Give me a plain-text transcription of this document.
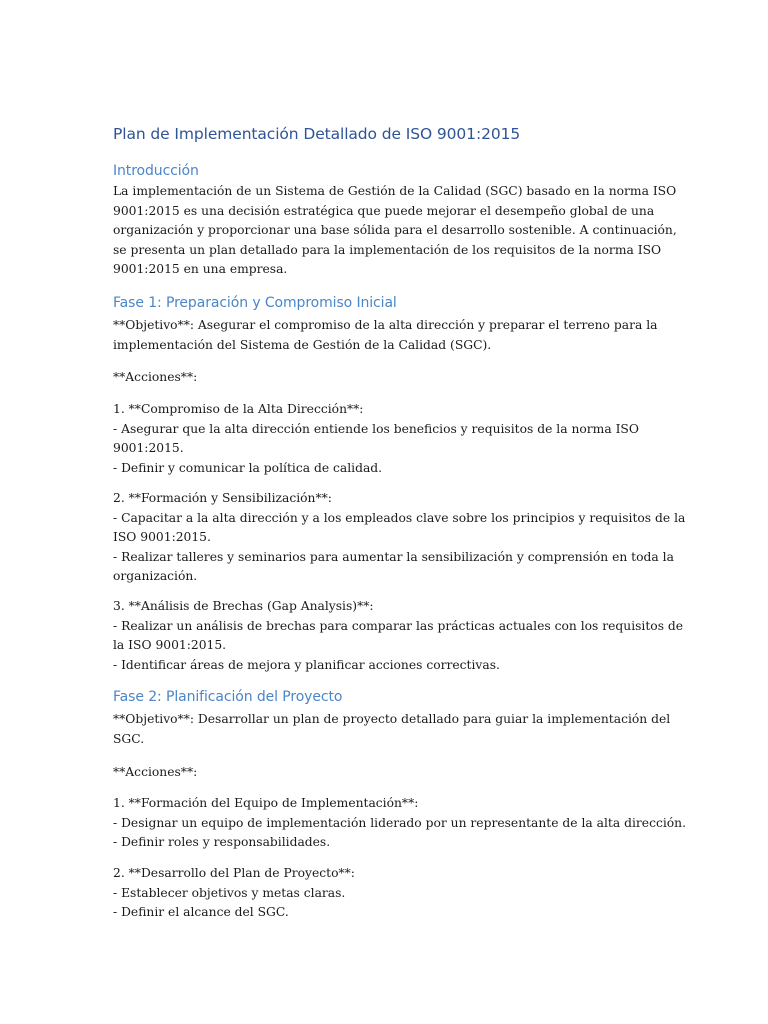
Plan de Implementación Detallado de ISO 9001:2015
Introducción
La implementación de un Sistema de Gestión de la Calidad (SGC) basado en la norma ISO
9001:2015 es una decisión estratégica que puede mejorar el desempeño global de una
organización y proporcionar una base sólida para el desarrollo sostenible. A continuación,
se presenta un plan detallado para la implementación de los requisitos de la norma ISO
9001:2015 en una empresa.
Fase 1: Preparación y Compromiso Inicial
**Objetivo**: Asegurar el compromiso de la alta dirección y preparar el terreno para la
implementación del Sistema de Gestión de la Calidad (SGC).
**Acciones**:
1. **Compromiso de la Alta Dirección**:
- Asegurar que la alta dirección entiende los beneficios y requisitos de la norma ISO
9001:2015.
- Definir y comunicar la política de calidad.
2. **Formación y Sensibilización**:
- Capacitar a la alta dirección y a los empleados clave sobre los principios y requisitos de la
ISO 9001:2015.
- Realizar talleres y seminarios para aumentar la sensibilización y comprensión en toda la
organización.
3. **Análisis de Brechas (Gap Analysis)**:
- Realizar un análisis de brechas para comparar las prácticas actuales con los requisitos de
la ISO 9001:2015.
- Identificar áreas de mejora y planificar acciones correctivas.
Fase 2: Planificación del Proyecto
**Objetivo**: Desarrollar un plan de proyecto detallado para guiar la implementación del
SGC.
**Acciones**:
1. **Formación del Equipo de Implementación**:
- Designar un equipo de implementación liderado por un representante de la alta dirección.
- Definir roles y responsabilidades.
2. **Desarrollo del Plan de Proyecto**:
- Establecer objetivos y metas claras.
- Definir el alcance del SGC.
